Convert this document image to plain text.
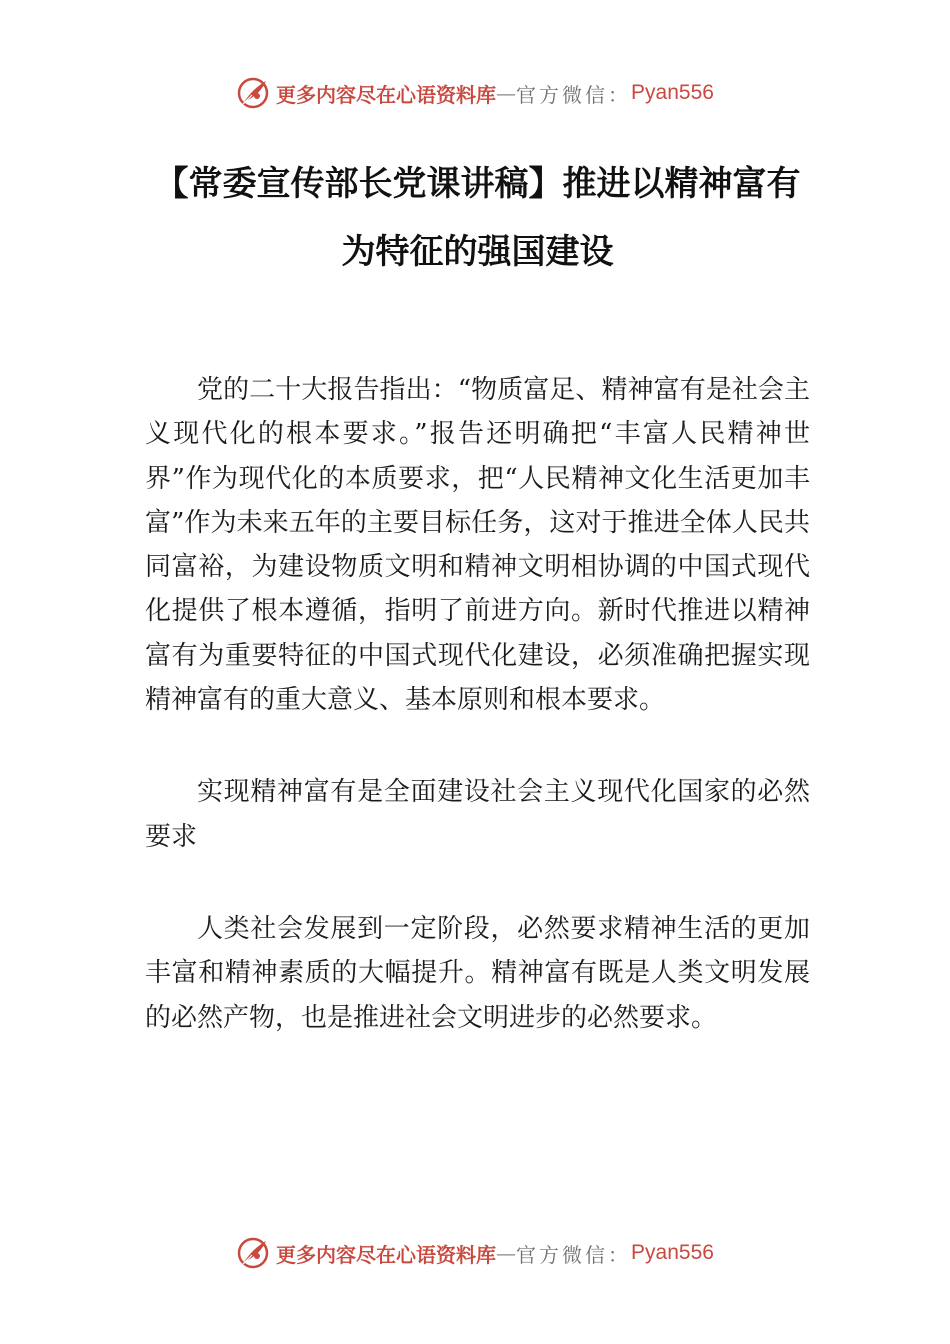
更多内容尽在心语资料库 — 官方微信： Pyan556
【常委宣传部长党课讲稿】推进以精神富有为特征的强国建设

党的二十大报告指出：“物质富足、精神富有是社会主义现代化的根本要求。”报告还明确把“丰富人民精神世界”作为现代化的本质要求，把“人民精神文化生活更加丰富”作为未来五年的主要目标任务，这对于推进全体人民共同富裕，为建设物质文明和精神文明相协调的中国式现代化提供了根本遵循，指明了前进方向。新时代推进以精神富有为重要特征的中国式现代化建设，必须准确把握实现精神富有的重大意义、基本原则和根本要求。

实现精神富有是全面建设社会主义现代化国家的必然要求

人类社会发展到一定阶段，必然要求精神生活的更加丰富和精神素质的大幅提升。精神富有既是人类文明发展的必然产物，也是推进社会文明进步的必然要求。

更多内容尽在心语资料库 — 官方微信： Pyan556
